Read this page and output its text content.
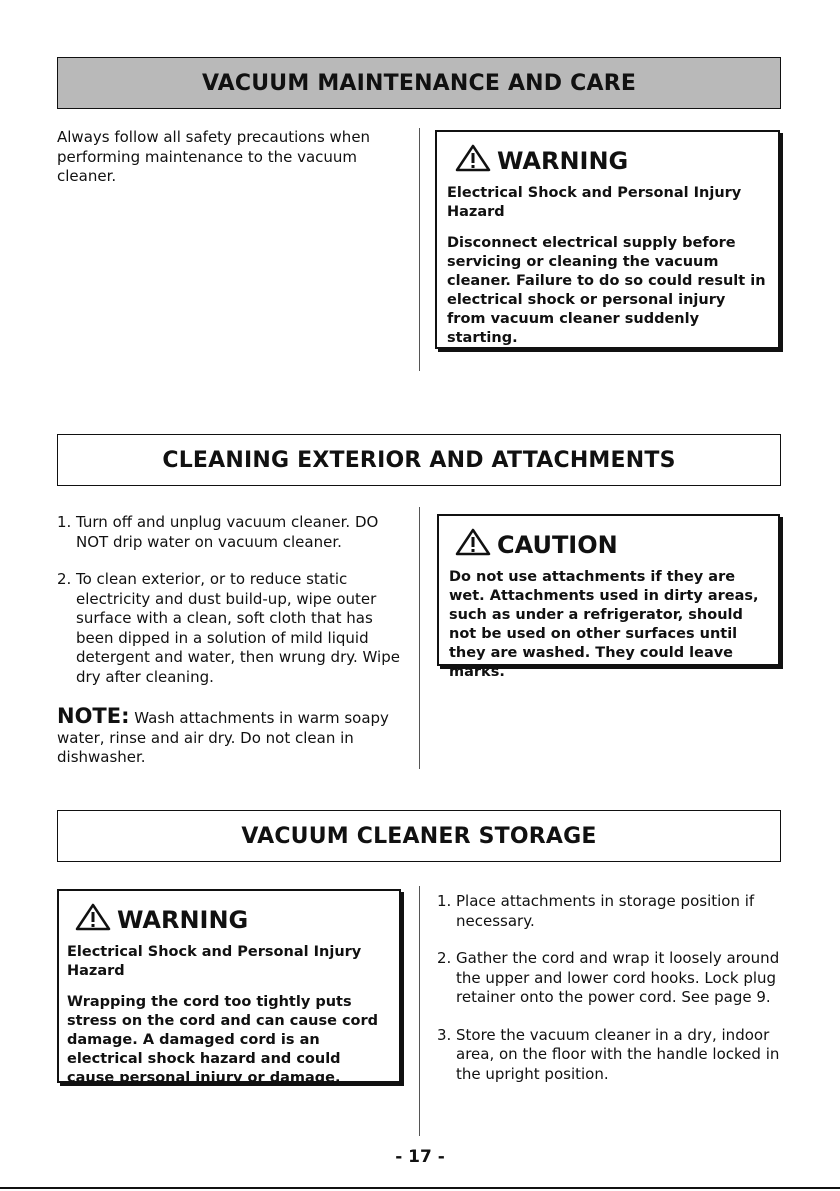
VACUUM MAINTENANCE AND CARE
Always follow all safety precautions when performing maintenance to the vacuum cleaner.
WARNING
Electrical Shock and Personal Injury Hazard
Disconnect electrical supply before servicing or cleaning the vacuum cleaner. Failure to do so could result in electrical shock or personal injury from vacuum cleaner suddenly starting.
CLEANING EXTERIOR AND ATTACHMENTS
1. Turn off and unplug vacuum cleaner. DO NOT drip water on vacuum cleaner.
2. To clean exterior, or to reduce static electricity and dust build-up, wipe outer surface with a clean, soft cloth that has been dipped in a solution of mild liquid detergent and water, then wrung dry. Wipe dry after cleaning.
NOTE: Wash attachments in warm soapy water, rinse and air dry. Do not clean in dishwasher.
CAUTION
Do not use attachments if they are wet. Attachments used in dirty areas, such as under a refrigerator, should not be used on other surfaces until they are washed. They could leave marks.
VACUUM CLEANER STORAGE
WARNING
Electrical Shock and Personal Injury Hazard
Wrapping the cord too tightly puts stress on the cord and can cause cord damage. A damaged cord is an electrical shock hazard and could cause personal injury or damage.
1. Place attachments in storage position if necessary.
2. Gather the cord and wrap it loosely around the upper and lower cord hooks. Lock plug retainer onto the power cord. See page 9.
3. Store the vacuum cleaner in a dry, indoor area, on the floor with the handle locked in the upright position.
- 17 -
